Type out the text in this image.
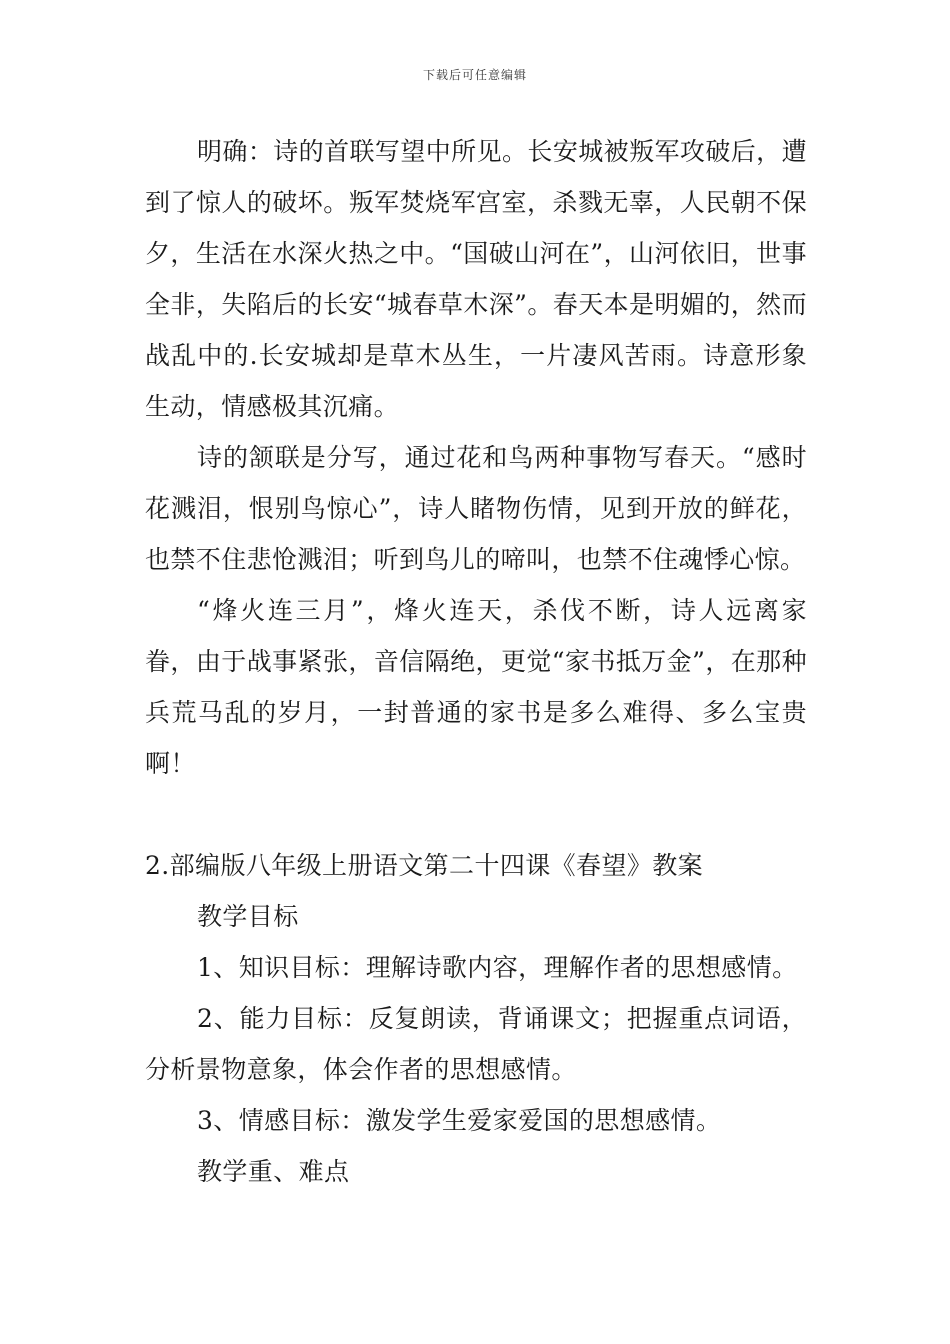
下载后可任意编辑

明确：诗的首联写望中所见。长安城被叛军攻破后，遭到了惊人的破坏。叛军焚烧军宫室，杀戮无辜，人民朝不保夕，生活在水深火热之中。“国破山河在”，山河依旧，世事全非，失陷后的长安“城春草木深”。春天本是明媚的，然而战乱中的.长安城却是草木丛生，一片凄风苦雨。诗意形象生动，情感极其沉痛。

诗的颔联是分写，通过花和鸟两种事物写春天。“感时花溅泪，恨别鸟惊心”，诗人睹物伤情，见到开放的鲜花，也禁不住悲怆溅泪；听到鸟儿的啼叫，也禁不住魂悸心惊。

“烽火连三月”，烽火连天，杀伐不断，诗人远离家眷，由于战事紧张，音信隔绝，更觉“家书抵万金”，在那种兵荒马乱的岁月，一封普通的家书是多么难得、多么宝贵啊！

2.部编版八年级上册语文第二十四课《春望》教案

教学目标

1、知识目标：理解诗歌内容，理解作者的思想感情。

2、能力目标：反复朗读，背诵课文；把握重点词语，分析景物意象，体会作者的思想感情。

3、情感目标：激发学生爱家爱国的思想感情。

教学重、难点
